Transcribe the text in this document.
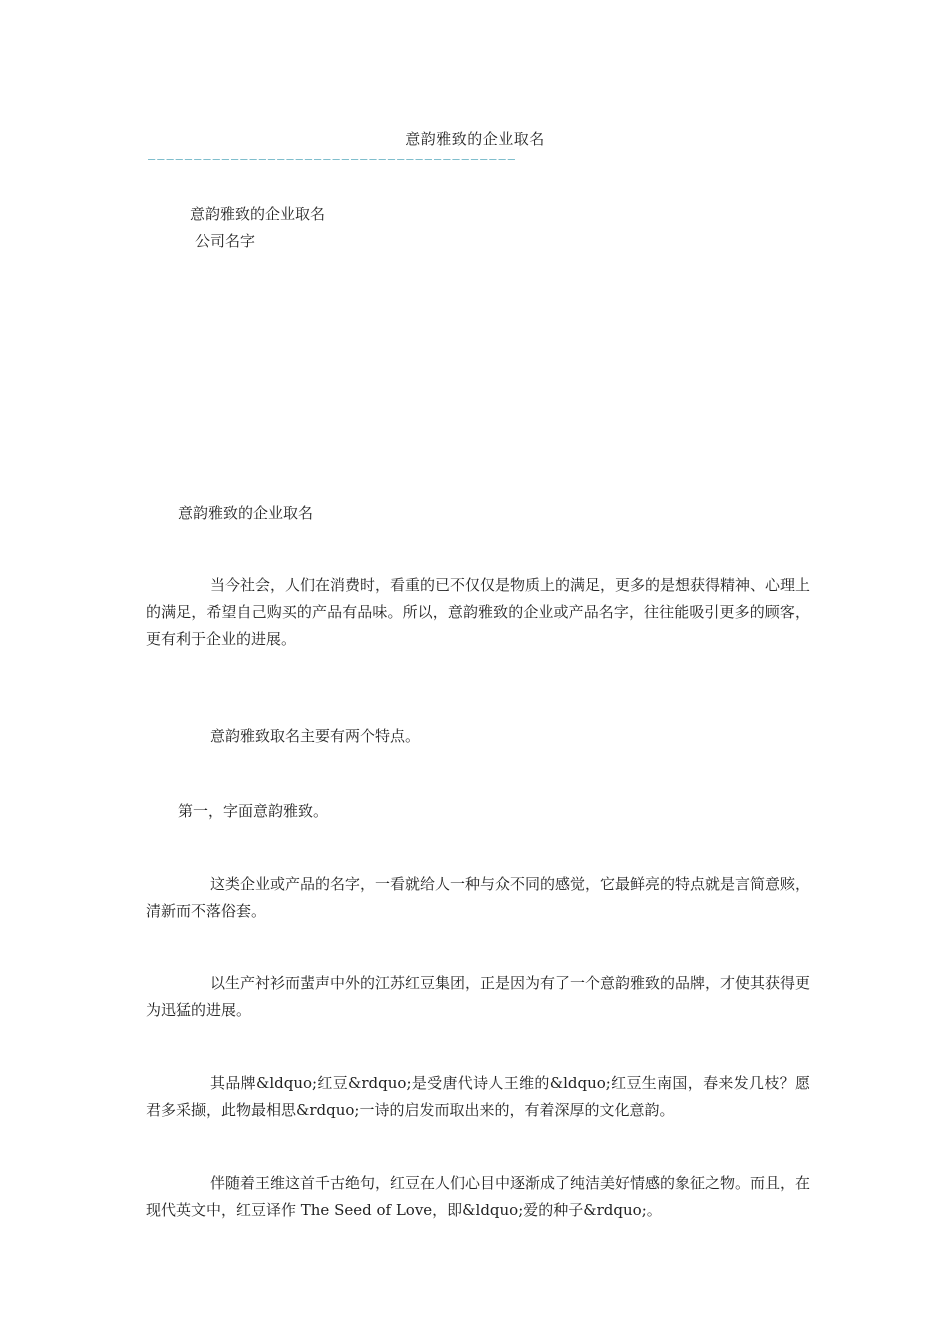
意韵雅致的企业取名
————————————————————————————————————————
意韵雅致的企业取名
公司名字
意韵雅致的企业取名
当今社会，人们在消费时，看重的已不仅仅是物质上的满足，更多的是想获得精神、心理上的满足，希望自己购买的产品有品味。所以，意韵雅致的企业或产品名字，往往能吸引更多的顾客，更有利于企业的进展。
意韵雅致取名主要有两个特点。
第一，字面意韵雅致。
这类企业或产品的名字，一看就给人一种与众不同的感觉，它最鲜亮的特点就是言简意赅，清新而不落俗套。
以生产衬衫而蜚声中外的江苏红豆集团，正是因为有了一个意韵雅致的品牌，才使其获得更为迅猛的进展。
其品牌&ldquo;红豆&rdquo;是受唐代诗人王维的&ldquo;红豆生南国，春来发几枝？愿君多采撷，此物最相思&rdquo;一诗的启发而取出来的，有着深厚的文化意韵。
伴随着王维这首千古绝句，红豆在人们心目中逐渐成了纯洁美好情感的象征之物。而且，在现代英文中，红豆译作 The Seed of Love，即&ldquo;爱的种子&rdquo;。
